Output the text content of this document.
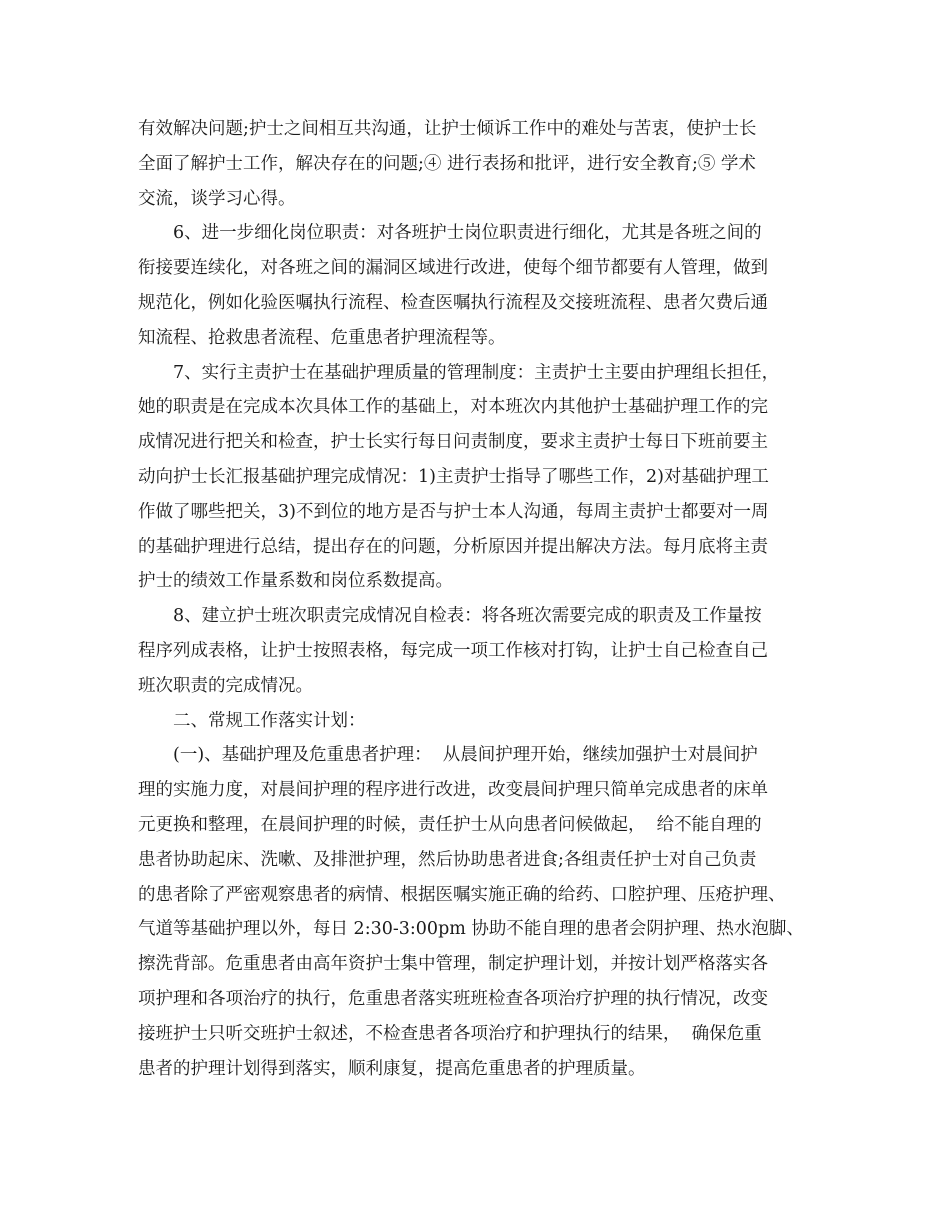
有效解决问题;护士之间相互共沟通，让护士倾诉工作中的难处与苦衷，使护士长
全面了解护士工作，解决存在的问题;④ 进行表扬和批评，进行安全教育;⑤ 学术
交流，谈学习心得。
6、进一步细化岗位职责：对各班护士岗位职责进行细化，尤其是各班之间的
衔接要连续化，对各班之间的漏洞区域进行改进，使每个细节都要有人管理，做到
规范化，例如化验医嘱执行流程、检查医嘱执行流程及交接班流程、患者欠费后通
知流程、抢救患者流程、危重患者护理流程等。
7、实行主责护士在基础护理质量的管理制度：主责护士主要由护理组长担任，
她的职责是在完成本次具体工作的基础上，对本班次内其他护士基础护理工作的完
成情况进行把关和检查，护士长实行每日问责制度，要求主责护士每日下班前要主
动向护士长汇报基础护理完成情况：1)主责护士指导了哪些工作，2)对基础护理工
作做了哪些把关，3)不到位的地方是否与护士本人沟通，每周主责护士都要对一周
的基础护理进行总结，提出存在的问题，分析原因并提出解决方法。每月底将主责
护士的绩效工作量系数和岗位系数提高。
8、建立护士班次职责完成情况自检表：将各班次需要完成的职责及工作量按
程序列成表格，让护士按照表格，每完成一项工作核对打钩，让护士自己检查自己
班次职责的完成情况。
二、常规工作落实计划：
(一)、基础护理及危重患者护理：  从晨间护理开始，继续加强护士对晨间护
理的实施力度，对晨间护理的程序进行改进，改变晨间护理只简单完成患者的床单
元更换和整理，在晨间护理的时候，责任护士从向患者问候做起，  给不能自理的
患者协助起床、洗嗽、及排泄护理，然后协助患者进食;各组责任护士对自己负责
的患者除了严密观察患者的病情、根据医嘱实施正确的给药、口腔护理、压疮护理、
气道等基础护理以外，每日 2:30-3:00pm 协助不能自理的患者会阴护理、热水泡脚、
擦洗背部。危重患者由高年资护士集中管理，制定护理计划，并按计划严格落实各
项护理和各项治疗的执行，危重患者落实班班检查各项治疗护理的执行情况，改变
接班护士只听交班护士叙述，不检查患者各项治疗和护理执行的结果，  确保危重
患者的护理计划得到落实，顺利康复，提高危重患者的护理质量。
